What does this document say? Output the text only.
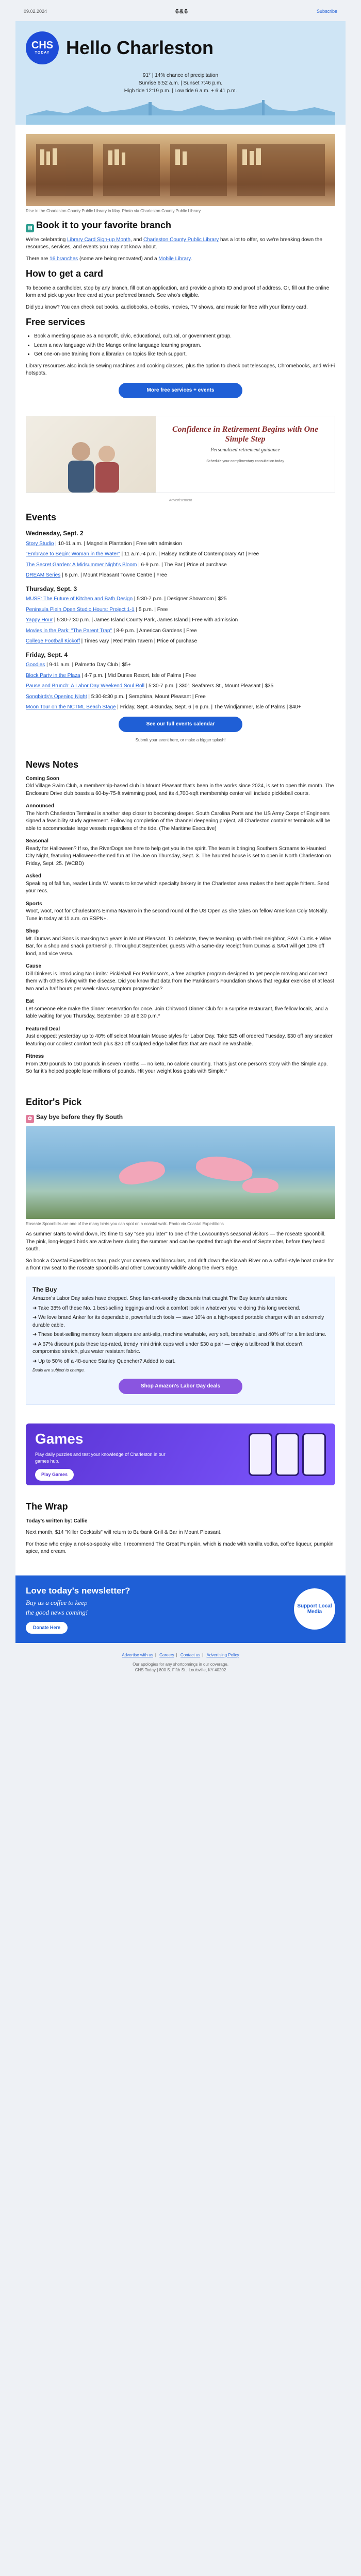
09.02.2024	6&6	Subscribe
CHS
TODAY Hello Charleston
91° | 14% chance of precipitation
Sunrise 6:52 a.m. | Sunset 7:46 p.m.
High tide 12:19 p.m. | Low tide 6 a.m. + 6:41 p.m.
Rise in the Charleston County Public Library in May. Photo via Charleston County Public Library
▤ Book it to your favorite branch

We're celebrating Library Card Sign-up Month, and Charleston County Public Library has a lot to offer, so we're breaking down the resources, services, and events you may not know about.

There are 16 branches (some are being renovated) and a Mobile Library.

How to get a card

To become a cardholder, stop by any branch, fill out an application, and provide a photo ID and proof of address. Or, fill out the online form and pick up your free card at your preferred branch. See who's eligible.

Did you know? You can check out books, audiobooks, e-books, movies, TV shows, and music for free with your library card.

Free services
• Book a meeting space as a nonprofit, civic, educational, cultural, or government group.
• Learn a new language with the Mango online language learning program.
• Get one-on-one training from a librarian on topics like tech support.

Library resources also include sewing machines and cooking classes, plus the option to check out telescopes, Chromebooks, and Wi-Fi hotspots.

More free services + events
Confidence in Retirement Begins with One Simple Step
Personalized retirement guidance
Schedule your complimentary consultation today
Advertisement
Events
Wednesday, Sept. 2
Story Studio | 10-11 a.m. | Magnolia Plantation | Free with admission
"Embrace to Begin: Woman in the Water" | 11 a.m.-4 p.m. | Halsey Institute of Contemporary Art | Free
The Secret Garden: A Midsummer Night's Bloom | 6-9 p.m. | The Bar | Price of purchase
DREAM Series | 6 p.m. | Mount Pleasant Towne Centre | Free
Thursday, Sept. 3
MUSE: The Future of Kitchen and Bath Design | 5:30-7 p.m. | Designer Showroom | $25
Peninsula Plein Open Studio Hours: Project 1-1 | 5 p.m. | Free
Yappy Hour | 5:30-7:30 p.m. | James Island County Park, James Island | Free with admission
Movies in the Park: "The Parent Trap" | 8-9 p.m. | American Gardens | Free
College Football Kickoff | Times vary | Red Palm Tavern | Price of purchase
Friday, Sept. 4
Goodies | 9-11 a.m. | Palmetto Day Club | $5+
Block Party in the Plaza | 4-7 p.m. | Mid Dunes Resort, Isle of Palms | Free
Pause and Brunch: A Labor Day Weekend Soul Roll | 5:30-7 p.m. | 3301 Seafarers St., Mount Pleasant | $35
Songbirds's Opening Night | 5:30-8:30 p.m. | Seraphina, Mount Pleasant | Free
Moon Tour on the NCTML Beach Stage | Friday, Sept. 4-Sunday, Sept. 6 | 6 p.m. | The Windjammer, Isle of Palms | $40+
See our full events calendar
Submit your event here, or make a bigger splash!
News Notes
Coming Soon
Old Village Swim Club, a membership-based club in Mount Pleasant that's been in the works since 2024, is set to open this month. The Enclosure Drive club boasts a 60-by-75-ft swimming pool, and its 4,700-sqft membership center will include pickleball courts.
Announced
The North Charleston Terminal is another step closer to becoming deeper. South Carolina Ports and the US Army Corps of Engineers signed a feasibility study agreement. Following completion of the channel deepening project, all Charleston container terminals will be able to accommodate large vessels regardless of the tide. (The Maritime Executive)
Seasonal
Ready for Halloween? If so, the RiverDogs are here to help get you in the spirit. The team is bringing Southern Screams to Haunted City Night, featuring Halloween-themed fun at The Joe on Thursday, Sept. 3. The haunted house is set to open in North Charleston on Friday, Sept. 25. (WCBD)
Asked
Speaking of fall fun, reader Linda W. wants to know which specialty bakery in the Charleston area makes the best apple fritters. Send your recs.
Sports
Woot, woot, root for Charleston's Emma Navarro in the second round of the US Open as she takes on fellow American Coly McNally. Tune in today at 11 a.m. on ESPN+.
Shop
Mt. Dumas and Sons is marking two years in Mount Pleasant. To celebrate, they're teaming up with their neighbor, SAVI Curtis + Wine Bar, for a shop and snack partnership. Throughout September, guests with a same-day receipt from Dumas & SAVI will get 10% off food, and vice versa.
Cause
Dill Dinkers is introducing No Limits: Pickleball For Parkinson's, a free adaptive program designed to get people moving and connect them with others living with the disease. Did you know that data from the Parkinson's Foundation shows that regular exercise of at least two and a half hours per week slows symptom progression?
Eat
Let someone else make the dinner reservation for once. Join Chitwood Dinner Club for a surprise restaurant, five fellow locals, and a table waiting for you Thursday, September 10 at 6:30 p.m.*
Featured Deal
Just dropped: yesterday up to 40% off select Mountain Mouse styles for Labor Day. Take $25 off ordered Tuesday, $30 off any sneaker featuring our coolest comfort tech plus $20 off sculpted edge ballet flats that are machine washable.
Fitness
From 209 pounds to 150 pounds in seven months — no keto, no calorie counting. That's just one person's story with the Simple app. So far it's helped people lose millions of pounds. Hit your weight loss goals with Simple.*
Editor's Pick
✿ Say bye before they fly South
Roseate Spoonbills are one of the many birds you can spot on a coastal walk. Photo via Coastal Expeditions

As summer starts to wind down, it's time to say "see you later" to one of the Lowcountry's seasonal visitors — the roseate spoonbill. The pink, long-legged birds are active here during the summer and can be spotted through the end of September, before they head south.

So book a Coastal Expeditions tour, pack your camera and binoculars, and drift down the Kiawah River on a saffari-style boat cruise for a front row seat to the roseate spoonbills and other Lowcountry wildlife along the river's edge.

The Buy

Amazon's Labor Day sales have dropped. Shop fan-cart-worthy discounts that caught The Buy team's attention:

➜ Take 38% off these No. 1 best-selling leggings and rock a comfort look in whatever you're doing this long weekend.

➜ We love brand Anker for its dependable, powerful tech tools — save 10% on a high-speed portable charger with an extremely durable cable.

➜ These best-selling memory foam slippers are anti-slip, machine washable, very soft, breathable, and 40% off for a limited time.

➜ A 67% discount puts these top-rated, trendy mini drink cups well under $30 a pair — enjoy a tallbread fit that doesn't compromise stretch, plus water resistant fabric.

➜ Up to 50% off a 48-ounce Stanley Quencher? Added to cart.

Deals are subject to change.

Shop Amazon's Labor Day deals
Games
Play daily puzzles and test your knowledge of Charleston in our games hub.
Play Games
The Wrap

Today's written by: Callie

Next month, $14 "Killer Cocktails" will return to Burbank Grill & Bar in Mount Pleasant.

For those who enjoy a not-so-spooky vibe, I recommend The Great Pumpkin, which is made with vanilla vodka, coffee liqueur, pumpkin spice, and cream.

Love today's newsletter?
Buy us a coffee to keep
the good news coming!
Donate Here
Support Local Media
Advertise with us | Careers | Contact us | Advertising Policy
Our apologies for any shortcomings in our coverage.
CHS Today | 800 S. Fifth St., Louisville, KY 40202
